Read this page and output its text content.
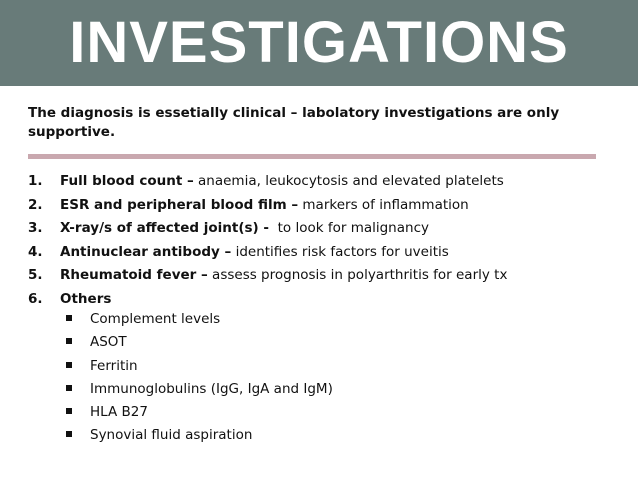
INVESTIGATIONS
The diagnosis is essetially clinical – labolatory investigations are only supportive.
1. Full blood count – anaemia, leukocytosis and elevated platelets
2. ESR and peripheral blood film – markers of inflammation
3. X-ray/s of affected joint(s) -  to look for malignancy
4. Antinuclear antibody – identifies risk factors for uveitis
5. Rheumatoid fever – assess prognosis in polyarthritis for early tx
6. Others
Complement levels
ASOT
Ferritin
Immunoglobulins (IgG, IgA and IgM)
HLA B27
Synovial fluid aspiration
